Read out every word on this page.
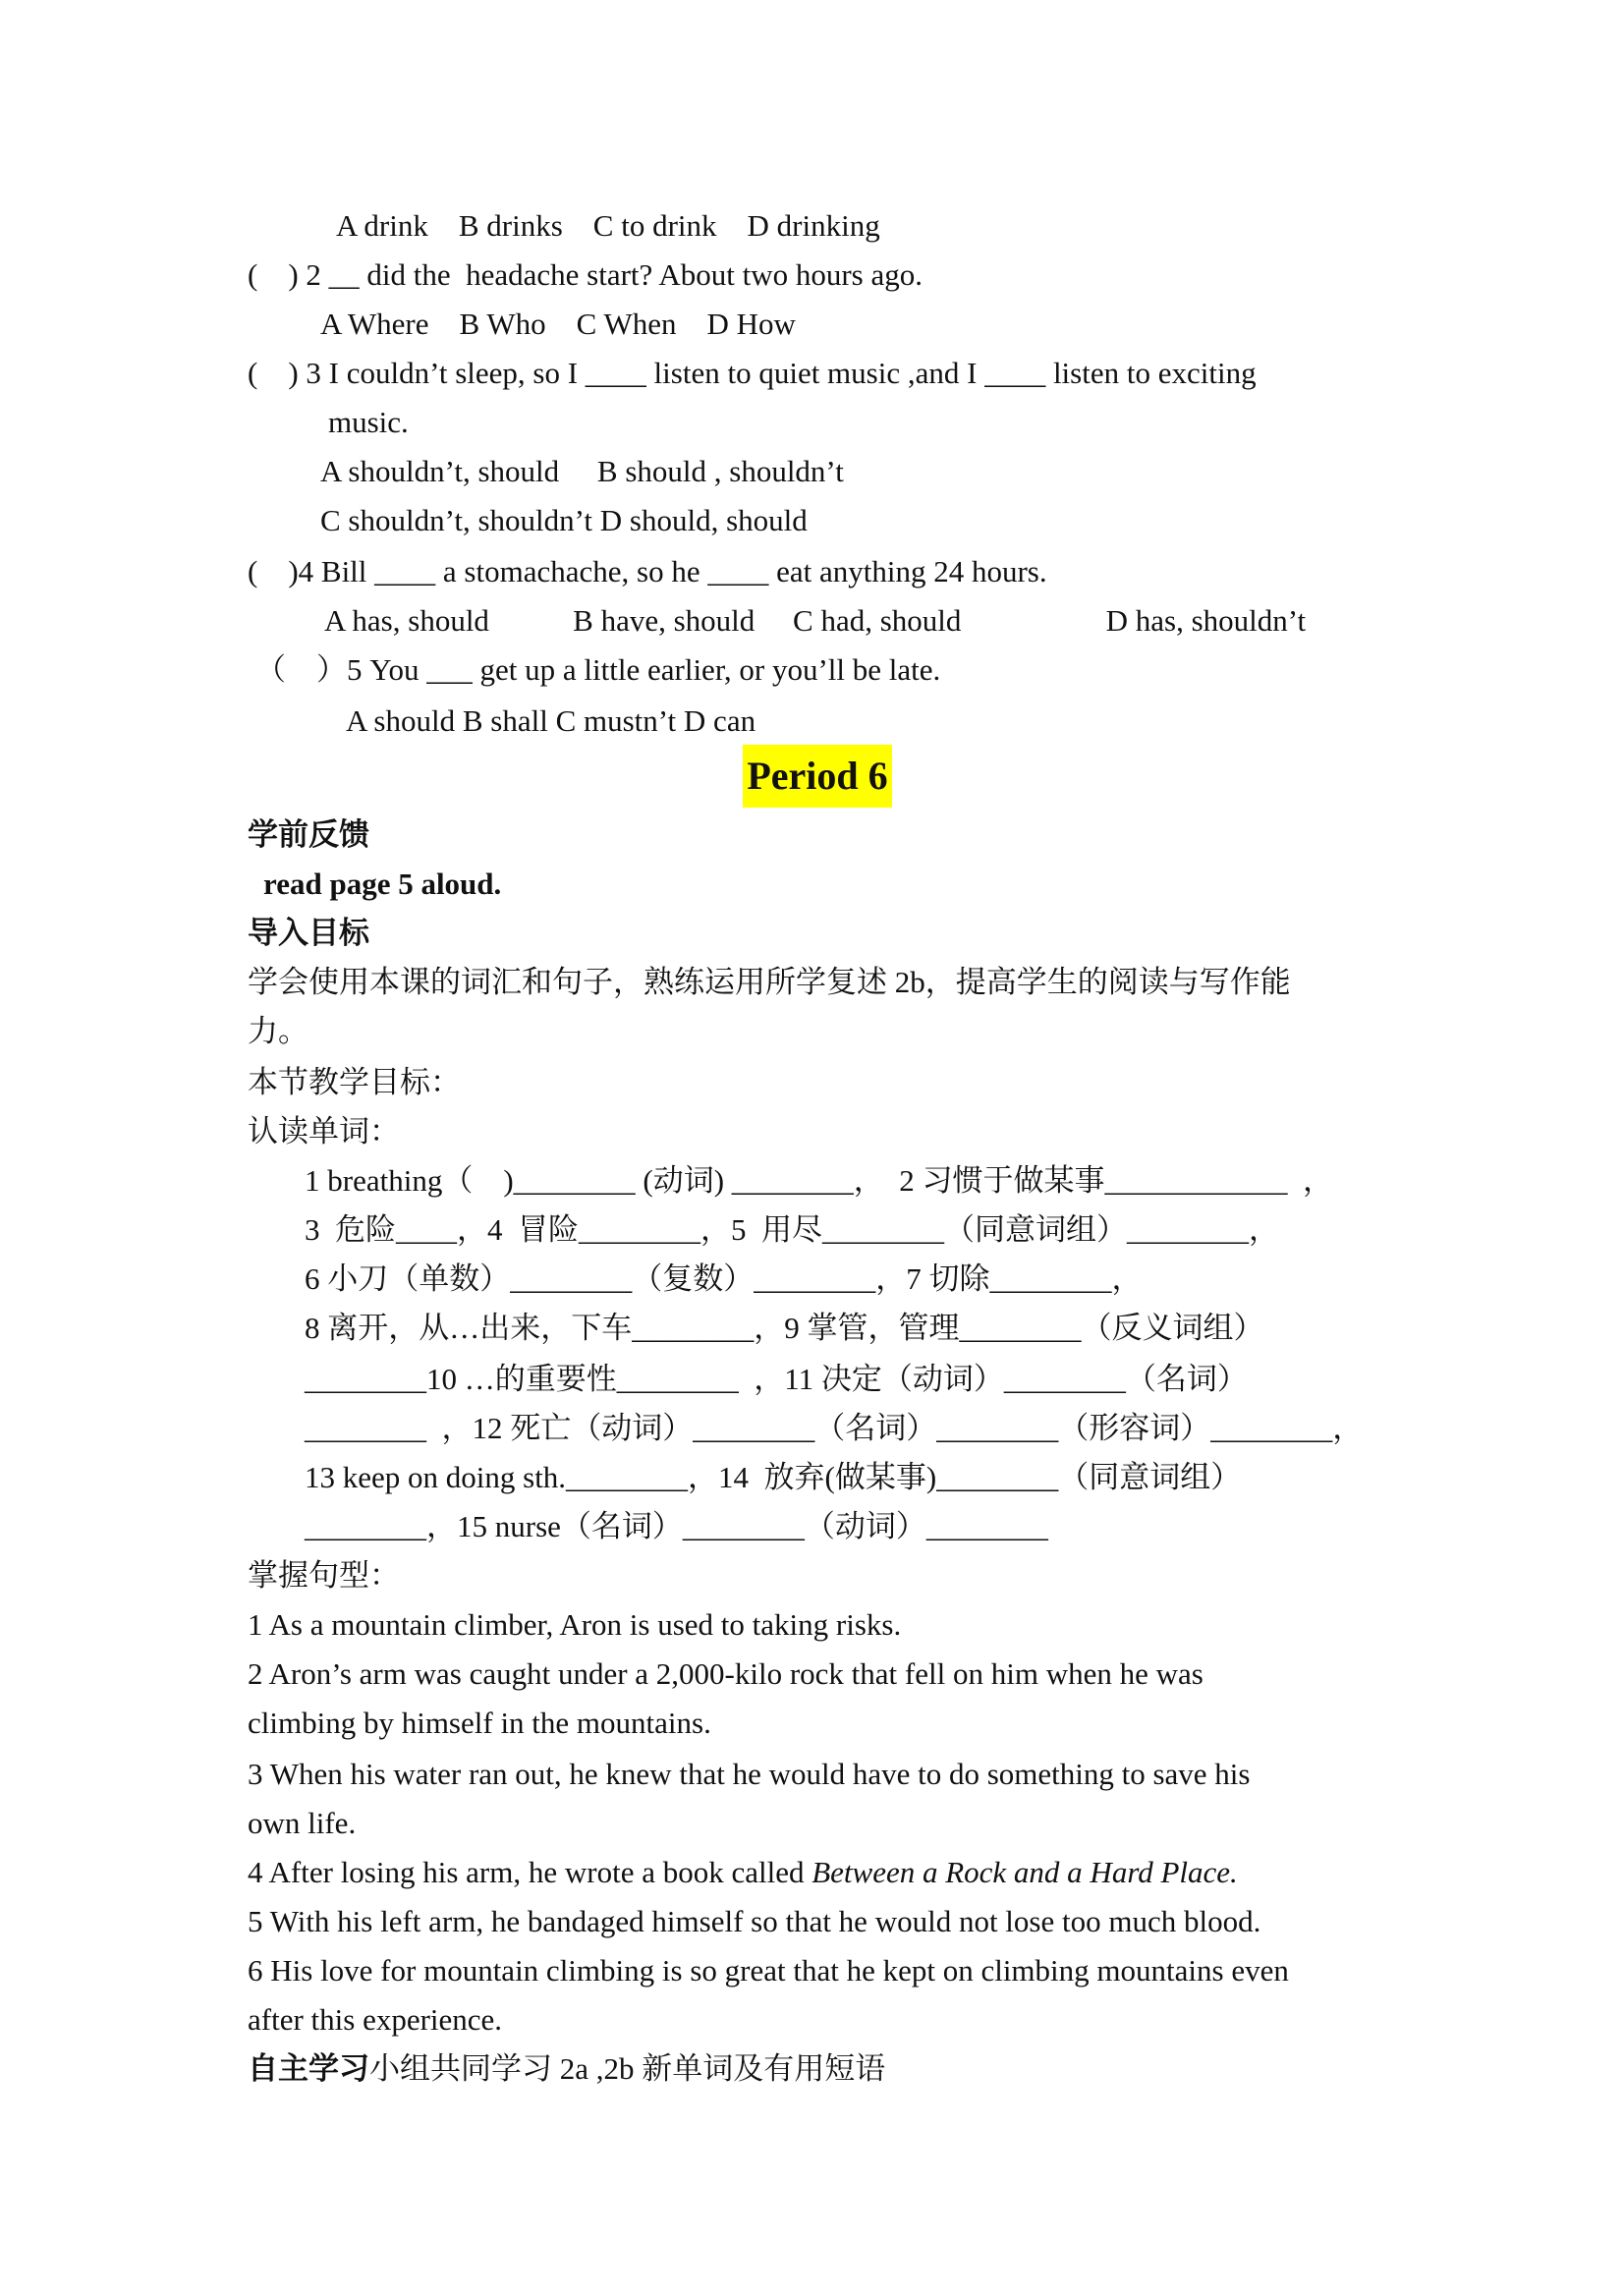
A drink    B drinks    C to drink    D drinking
(    ) 2 __ did the  headache start? About two hours ago.
A Where    B Who    C When    D How
(    ) 3 I couldn’t sleep, so I ____ listen to quiet music ,and I ____ listen to exciting
music.
A shouldn’t, should     B should , shouldn’t
C shouldn’t, shouldn’t D should, should
(    )4 Bill ____ a stomachache, so he ____ eat anything 24 hours.
A has, should           B have, should     C had, should                   D has, shouldn’t
（    ）5 You ___ get up a little earlier, or you’ll be late.
A should B shall C mustn’t D can
Period 6
学前反馈
read page 5 aloud.
导入目标
学会使用本课的词汇和句子，熟练运用所学复述 2b，提高学生的阅读与写作能
力。
本节教学目标：
认读单词：
1 breathing（    )________ (动词) ________，  2 习惯于做某事____________  ，
3  危险____，4  冒险________，5  用尽________（同意词组）________，
6 小刀（单数）________（复数）________，7 切除________，
8 离开，从…出来，下车________，9 掌管，管理________（反义词组）
________10 …的重要性________  ，11 决定（动词）________（名词）
________  ，12 死亡（动词）________（名词）________（形容词）________，
13 keep on doing sth.________，14  放弃(做某事)________（同意词组）
________，15 nurse（名词）________（动词）________
掌握句型：
1 As a mountain climber, Aron is used to taking risks.
2 Aron’s arm was caught under a 2,000-kilo rock that fell on him when he was
climbing by himself in the mountains.
3 When his water ran out, he knew that he would have to do something to save his
own life.
4 After losing his arm, he wrote a book called Between a Rock and a Hard Place.
5 With his left arm, he bandaged himself so that he would not lose too much blood.
6 His love for mountain climbing is so great that he kept on climbing mountains even
after this experience.
自主学习小组共同学习 2a ,2b 新单词及有用短语
